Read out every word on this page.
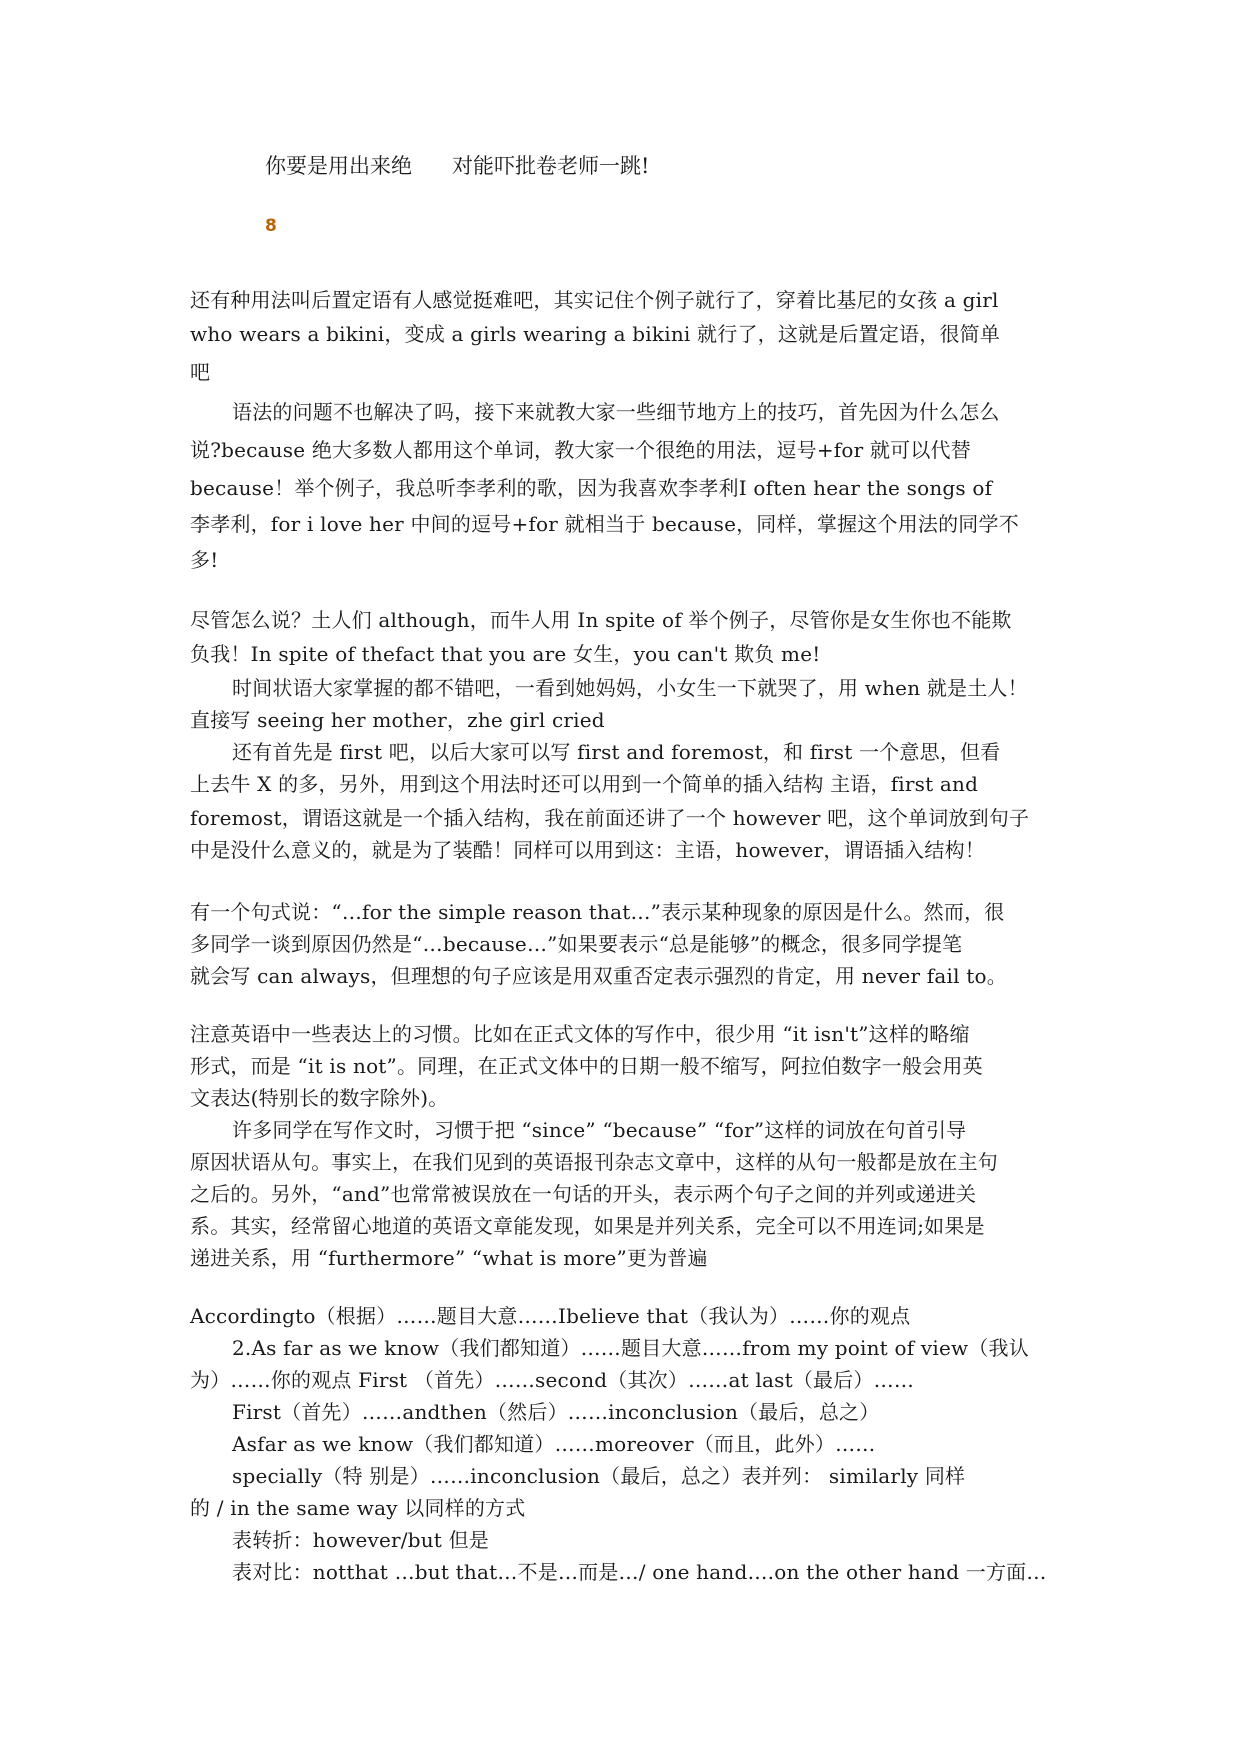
你要是用出来绝 对能吓批卷老师一跳!
8
还有种用法叫后置定语有人感觉挺难吧，其实记住个例子就行了，穿着比基尼的女孩 a girl
who wears a bikini，变成 a girls wearing a bikini 就行了，这就是后置定语，很简单
吧
语法的问题不也解决了吗，接下来就教大家一些细节地方上的技巧，首先因为什么怎么
说?because 绝大多数人都用这个单词，教大家一个很绝的用法，逗号+for 就可以代替
because！举个例子，我总听李孝利的歌，因为我喜欢李孝利I often hear the songs of
李孝利，for i love her 中间的逗号+for 就相当于 because，同样，掌握这个用法的同学不
多!
尽管怎么说？土人们 although，而牛人用 In spite of 举个例子，尽管你是女生你也不能欺
负我！In spite of thefact that you are 女生，you can't 欺负 me!
时间状语大家掌握的都不错吧，一看到她妈妈，小女生一下就哭了，用 when 就是土人！
直接写 seeing her mother，zhe girl cried
还有首先是 first 吧，以后大家可以写 first and foremost，和 first 一个意思，但看
上去牛 X 的多，另外，用到这个用法时还可以用到一个简单的插入结构 主语，first and
foremost，谓语这就是一个插入结构，我在前面还讲了一个 however 吧，这个单词放到句子
中是没什么意义的，就是为了装酷！同样可以用到这：主语，however，谓语插入结构！
有一个句式说：“…for the simple reason that…”表示某种现象的原因是什么。然而，很
多同学一谈到原因仍然是“…because…”如果要表示“总是能够”的概念，很多同学提笔
就会写 can always，但理想的句子应该是用双重否定表示强烈的肯定，用 never fail to。
注意英语中一些表达上的习惯。比如在正式文体的写作中，很少用 “it isn't”这样的略缩
形式，而是 “it is not”。同理，在正式文体中的日期一般不缩写，阿拉伯数字一般会用英
文表达(特别长的数字除外)。
许多同学在写作文时，习惯于把 “since” “because” “for”这样的词放在句首引导
原因状语从句。事实上，在我们见到的英语报刊杂志文章中，这样的从句一般都是放在主句
之后的。另外，“and”也常常被误放在一句话的开头，表示两个句子之间的并列或递进关
系。其实，经常留心地道的英语文章能发现，如果是并列关系，完全可以不用连词;如果是
递进关系，用 “furthermore” “what is more”更为普遍
Accordingto（根据）……题目大意……Ibelieve that（我认为）……你的观点
2.As far as we know（我们都知道）……题目大意……from my point of view（我认
为）……你的观点 First （首先）……second（其次）……at last（最后）……
First（首先）……andthen（然后）……inconclusion（最后，总之）
Asfar as we know（我们都知道）……moreover（而且，此外）……
specially（特 别是）……inconclusion（最后，总之）表并列： similarly 同样
的 / in the same way 以同样的方式
表转折：however/but 但是
表对比：notthat …but that…不是…而是…/ one hand….on the other hand 一方面…
